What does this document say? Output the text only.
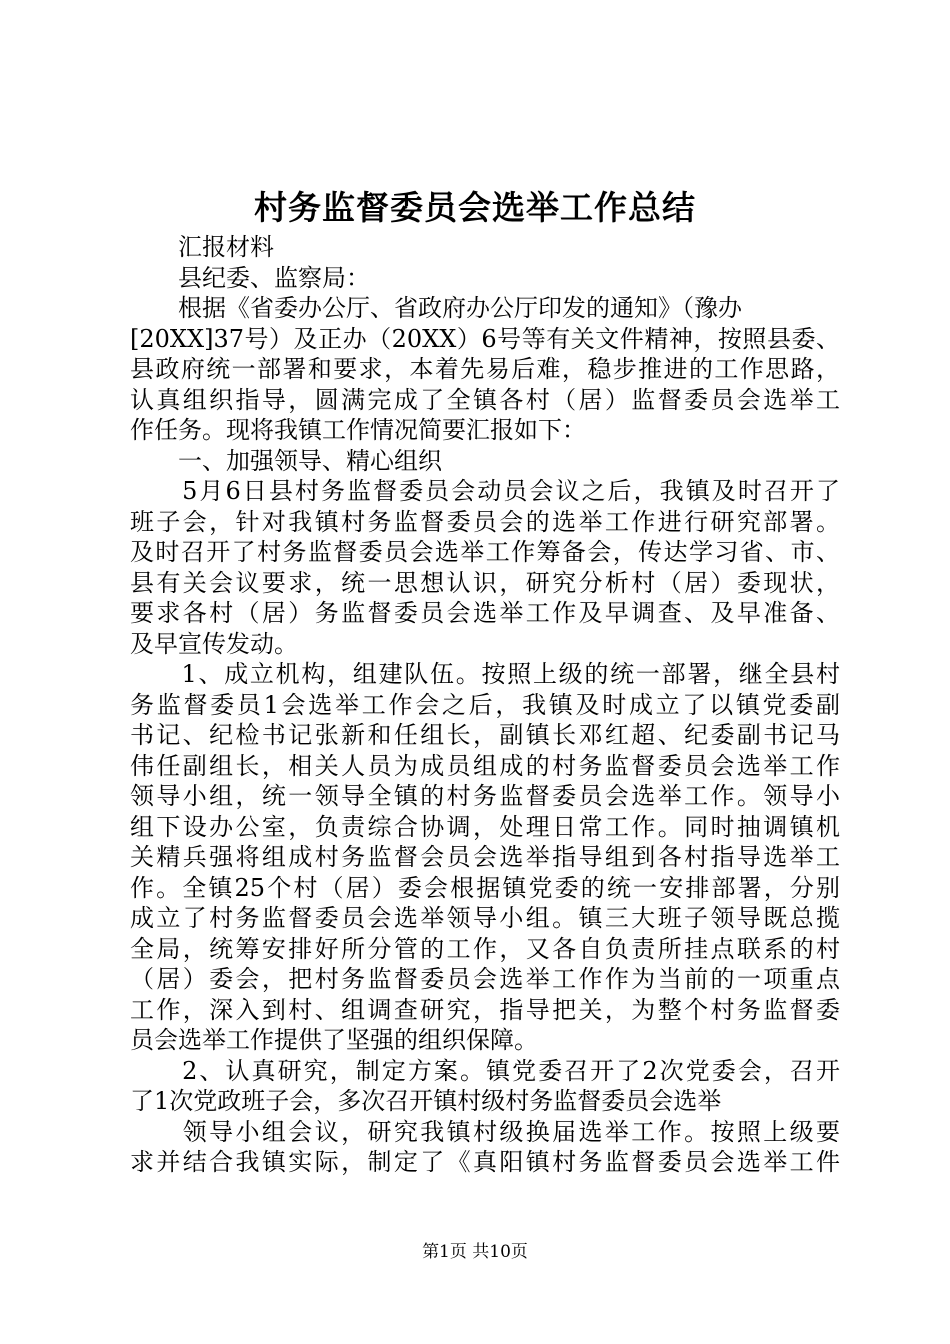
村务监督委员会选举工作总结
　　汇报材料
　　县纪委、监察局：
　　根据《省委办公厅、省政府办公厅印发的通知》（豫办
[20XX]37号）及正办（20XX）6号等有关文件精神，按照县委、
县政府统一部署和要求，本着先易后难，稳步推进的工作思路，
认真组织指导，圆满完成了全镇各村（居）监督委员会选举工
作任务。现将我镇工作情况简要汇报如下：
　　一、加强领导、精心组织
　　5月6日县村务监督委员会动员会议之后，我镇及时召开了
班子会，针对我镇村务监督委员会的选举工作进行研究部署。
及时召开了村务监督委员会选举工作筹备会，传达学习省、市、
县有关会议要求，统一思想认识，研究分析村（居）委现状，
要求各村（居）务监督委员会选举工作及早调查、及早准备、
及早宣传发动。
　　1、成立机构，组建队伍。按照上级的统一部署，继全县村
务监督委员1会选举工作会之后，我镇及时成立了以镇党委副
书记、纪检书记张新和任组长，副镇长邓红超、纪委副书记马
伟任副组长，相关人员为成员组成的村务监督委员会选举工作
领导小组，统一领导全镇的村务监督委员会选举工作。领导小
组下设办公室，负责综合协调，处理日常工作。同时抽调镇机
关精兵强将组成村务监督会员会选举指导组到各村指导选举工
作。全镇25个村（居）委会根据镇党委的统一安排部署，分别
成立了村务监督委员会选举领导小组。镇三大班子领导既总揽
全局，统筹安排好所分管的工作，又各自负责所挂点联系的村
（居）委会，把村务监督委员会选举工作作为当前的一项重点
工作，深入到村、组调查研究，指导把关，为整个村务监督委
员会选举工作提供了坚强的组织保障。
　　2、认真研究，制定方案。镇党委召开了2次党委会，召开
了1次党政班子会，多次召开镇村级村务监督委员会选举
　　领导小组会议，研究我镇村级换届选举工作。按照上级要
求并结合我镇实际，制定了《真阳镇村务监督委员会选举工件
第1页 共10页
